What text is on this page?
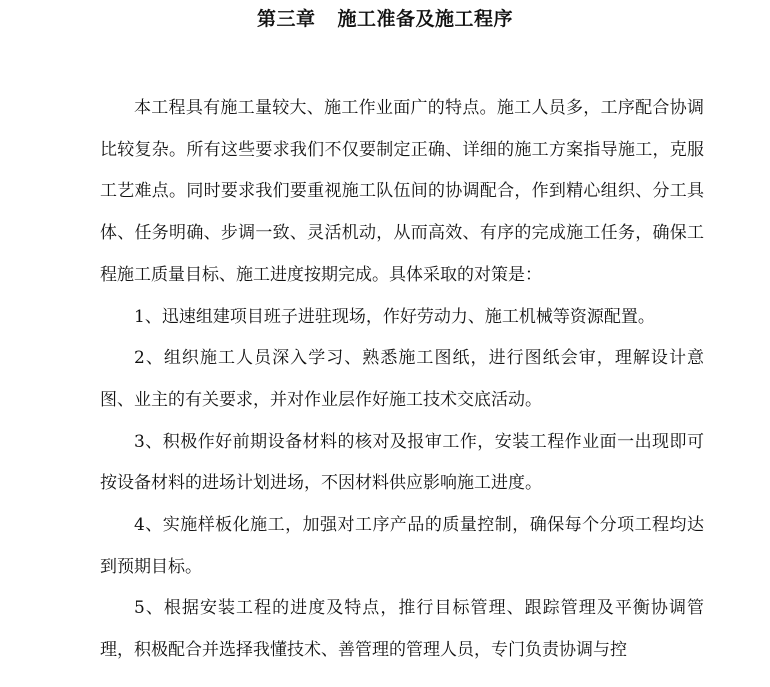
第三章 施工准备及施工程序

本工程具有施工量较大、施工作业面广的特点。施工人员多，工序配合协调比较复杂。所有这些要求我们不仅要制定正确、详细的施工方案指导施工，克服工艺难点。同时要求我们要重视施工队伍间的协调配合，作到精心组织、分工具体、任务明确、步调一致、灵活机动，从而高效、有序的完成施工任务，确保工程施工质量目标、施工进度按期完成。具体采取的对策是：

1、迅速组建项目班子进驻现场，作好劳动力、施工机械等资源配置。

2、组织施工人员深入学习、熟悉施工图纸，进行图纸会审，理解设计意图、业主的有关要求，并对作业层作好施工技术交底活动。

3、积极作好前期设备材料的核对及报审工作，安装工程作业面一出现即可按设备材料的进场计划进场，不因材料供应影响施工进度。

4、实施样板化施工，加强对工序产品的质量控制，确保每个分项工程均达到预期目标。

5、根据安装工程的进度及特点，推行目标管理、跟踪管理及平衡协调管理，积极配合并选择我懂技术、善管理的管理人员，专门负责协调与控
